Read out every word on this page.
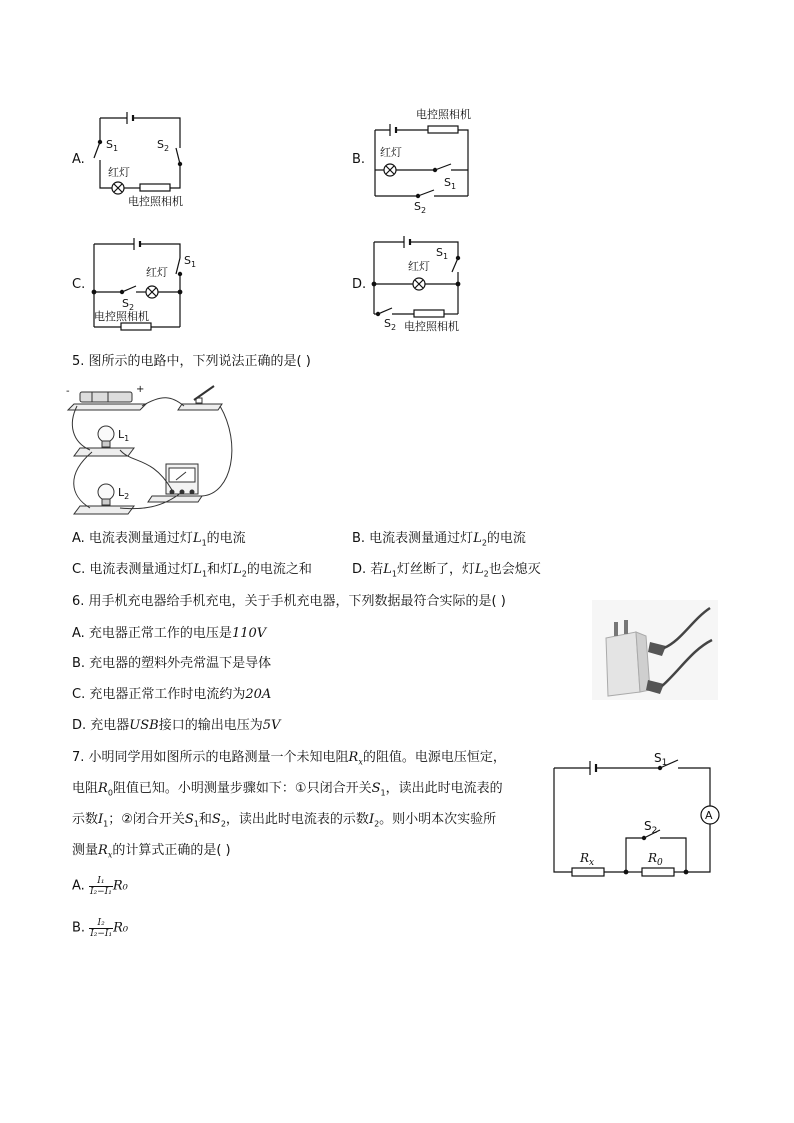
A.
$S_1$	$S_2$
红灯
电控照相机
B.
电控照相机
红灯
$S_1$
$S_2$
C.
$S_1$
红灯
$S_2$
电控照相机
D.
$S_1$
红灯
$S_2$ 电控照相机
5. 图所示的电路中，下列说法正确的是( )
-	+
$L_1$
$L_2$
A. 电流表测量通过灯$L_1$的电流	B. 电流表测量通过灯$L_2$的电流
C. 电流表测量通过灯$L_1$和灯$L_2$的电流之和	D. 若$L_1$灯丝断了，灯$L_2$也会熄灭
6. 用手机充电器给手机充电，关于手机充电器，下列数据最符合实际的是( )
A. 充电器正常工作的电压是110V
B. 充电器的塑料外壳常温下是导体
C. 充电器正常工作时电流约为20A
D. 充电器USB接口的输出电压为5V
7. 小明同学用如图所示的电路测量一个未知电阻$R_x$的阻值。电源电压恒定，
电阻$R_0$阻值已知。小明测量步骤如下：①只闭合开关$S_1$，读出此时电流表的
示数$I_1$；②闭合开关$S_1$和$S_2$，读出此时电流表的示数$I_2$。则小明本次实验所
测量$R_x$的计算式正确的是( )
$S_1$
A
$S_2$
$R_x$	$R_0$
A. $\frac{\text{I₁}}{\text{I₂−I₁}} R_0$
B. $\frac{\text{I₂}}{\text{I₂−I₁}} R_0$
